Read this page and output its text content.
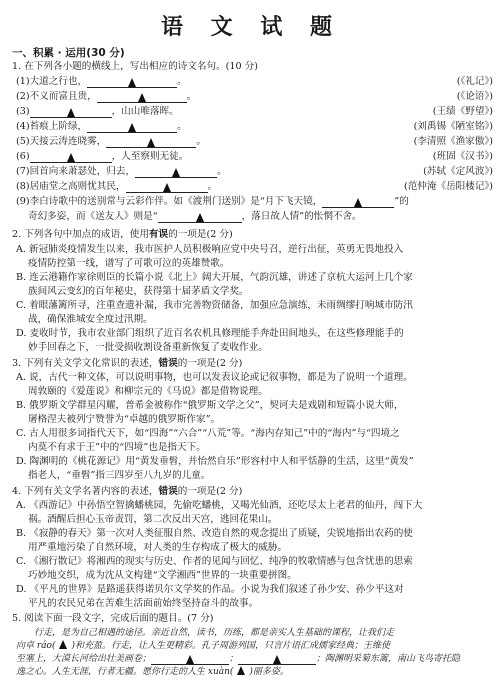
语 文 试 题
一、积累 · 运用(30 分)
1. 在下列各小题的横线上，写出相应的诗文名句。(10 分)
(1)大道之行也，	。	(《礼记》)
(2)不义而富且贵，	。	(《论语》)
(3)	，山山唯落晖。	(王绩《野望》)
(4)苔痕上阶绿，	。	(刘禹锡《陋室铭》)
(5)天接云涛连晓雾，	。	(李清照《渔家傲》)
(6)	，人至察则无徒。	(班固《汉书》)
(7)回首向来萧瑟处，归去，	。	(苏轼《定风波》)
(8)居庙堂之高则忧其民，	。	(范仲淹《岳阳楼记》)
(9)李白诗歌中的送别常与云彩作伴。如《渡荆门送别》是“月下飞天镜，	”的
奇幻多姿，而《送友人》则是“	，落日故人情”的怅惘不舍。
2. 下列各句中加点的成语，使用有误的一项是(2 分)
A. 新冠肺炎疫情发生以来，我市医护人员积极响应党中央号召，逆行出征，英勇无畏地投入
疫情防控第一线，谱写了可歌可泣的英雄赞歌。
B. 连云港籍作家徐则臣的长篇小说《北上》阔大开展，气韵沉雄，讲述了京杭大运河上几个家
族间风云变幻的百年秘史，获得第十届茅盾文学奖。
C. 着眼藩篱所寻，注重查遗补漏，我市完善物资储备，加强应急演练，未雨绸缪打响城市防汛
战，确保淮城安全度过汛期。
D. 麦收时节，我市农业部门组织了近百名农机具修理能手奔赴田间地头，在这些修理能手的
妙手回春之下，一批受损收割设备重新恢复了麦收作业。
3. 下列有关文学文化常识的表述，错误的一项是(2 分)
A. 说，古代一种文体，可以说明事物，也可以发表议论或记叙事物，都是为了说明一个道理。
周敦颐的《爱莲说》和柳宗元的《马说》都是借物说理。
B. 俄罗斯文学群星闪耀，普希金被称作“俄罗斯文学之父”，契诃夫是戏剧和短篇小说大师，
屠格涅夫被列宁赞誉为“卓越的俄罗斯作家”。
C. 古人用很多词指代天下，如“四海”“六合”“八荒”等。“海内存知己”中的“海内”与“四境之
内莫不有求于王”中的“四境”也是指天下。
D. 陶渊明的《桃花源记》用“黄发垂髫，并怡然自乐”形容村中人和平恬静的生活，这里“黄发”
指老人，“垂髫”指三四岁至八九岁的儿童。
4. 下列有关文学名著内容的表述，错误的一项是(2 分)
A. 《西游记》中孙悟空智擒蟠桃园，先偷吃蟠桃，又喝光仙酒，还吃尽太上老君的仙丹，闯下大
祸。酒醒后担心玉帝责罚，第二次反出天宫，逃回花果山。
B. 《寂静的春天》第一次对人类征服自然、改造自然的观念提出了质疑，尖锐地指出农药的使
用严重地污染了自然环境，对人类的生存构成了极大的威胁。
C. 《湘行散记》将湘西的现实与历史、作者的见闻与回忆、纯净的牧歌情感与包含忧患的思索
巧妙地交织，成为沈从文构建“文学湘西”世界的一块重要拼图。
D. 《平凡的世界》是路遥获得诺贝尔文学奖的作品。小说为我们叙述了孙少安、孙少平这对
平凡的农民兄弟在苦难生活面前始终坚持奋斗的故事。
5. 阅读下面一段文字，完成后面的题目。(7 分)
行走，是为自己相遇的途径。亲近自然，读书，历练，都是亲实人生基础的课程，让我们走
向卓 ráo( )和充盈。行走，让人生更精彩。孔子周游列国，只言片语汇成儒家经典；王维使
至塞上，大漠长河给出壮美画卷；	；	；陶渊明采菊东篱，南山飞鸟寄托隐
逸之心。人生无涯，行者无疆。愿你行走的人生 xuàn( )丽多姿。
